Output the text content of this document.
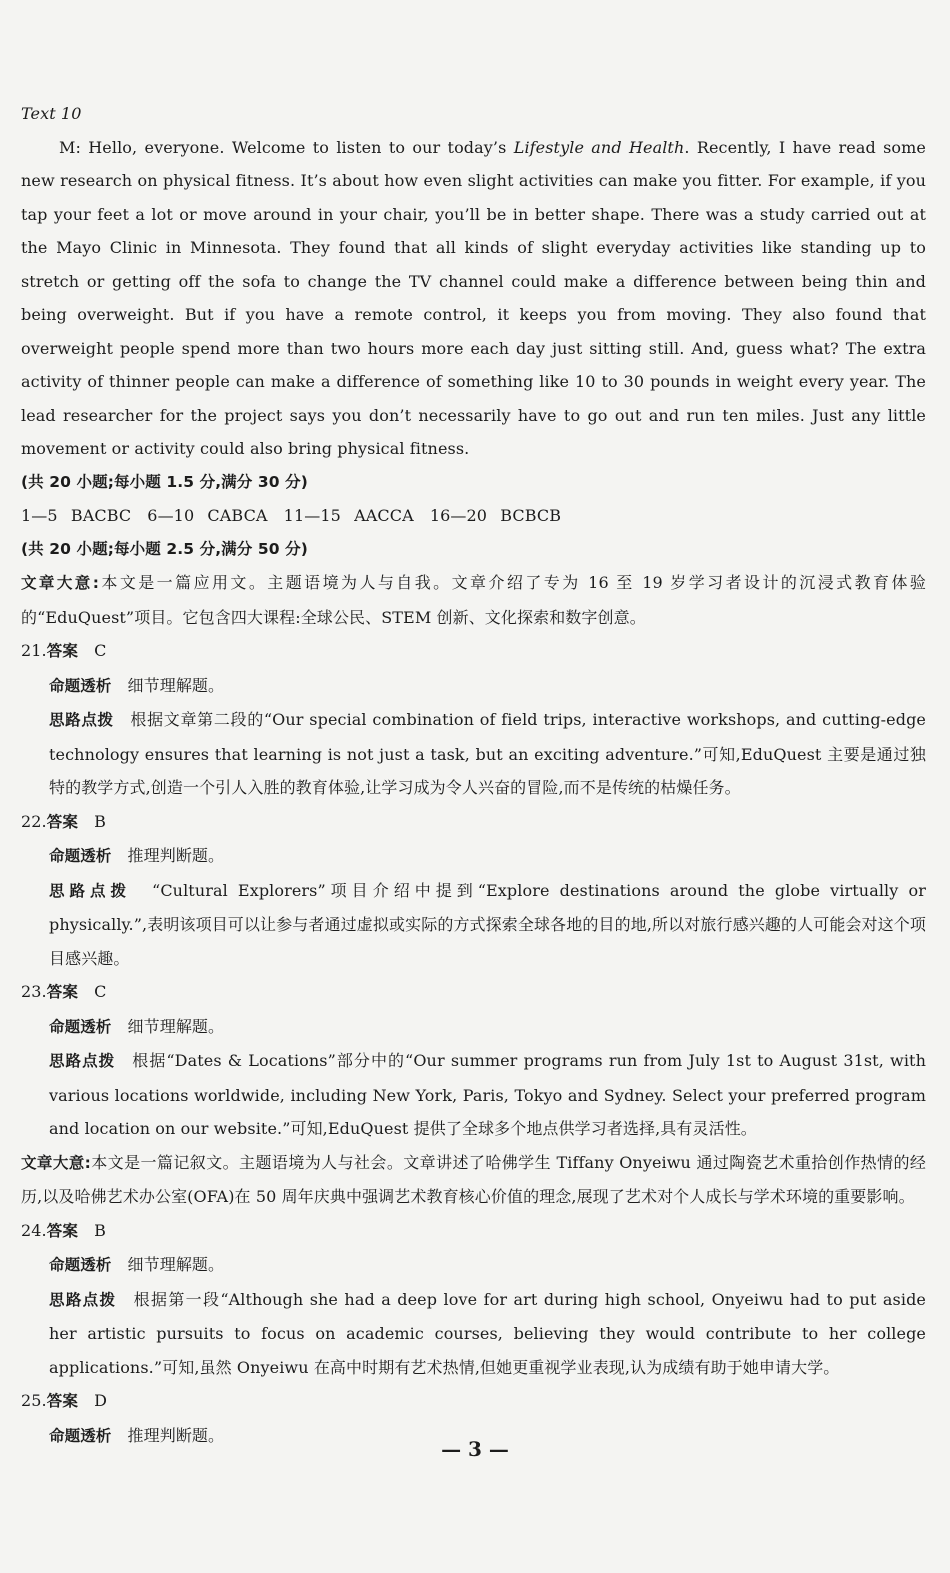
Text 10

M: Hello, everyone. Welcome to listen to our today’s Lifestyle and Health. Recently, I have read some new research on physical fitness. It’s about how even slight activities can make you fitter. For example, if you tap your feet a lot or move around in your chair, you’ll be in better shape. There was a study carried out at the Mayo Clinic in Minnesota. They found that all kinds of slight everyday activities like standing up to stretch or getting off the sofa to change the TV channel could make a difference between being thin and being overweight. But if you have a remote control, it keeps you from moving. They also found that overweight people spend more than two hours more each day just sitting still. And, guess what? The extra activity of thinner people can make a difference of something like 10 to 30 pounds in weight every year. The lead researcher for the project says you don’t necessarily have to go out and run ten miles. Just any little movement or activity could also bring physical fitness.

(共 20 小题;每小题 1.5 分,满分 30 分)

1—5 BACBC　6—10 CABCA　11—15 AACCA　16—20 BCBCB

(共 20 小题;每小题 2.5 分,满分 50 分)

文章大意:本文是一篇应用文。主题语境为人与自我。文章介绍了专为 16 至 19 岁学习者设计的沉浸式教育体验的“EduQuest”项目。它包含四大课程:全球公民、STEM 创新、文化探索和数字创意。

21.答案　 C

命题透析　 细节理解题。

思路点拨　 根据文章第二段的“Our special combination of field trips, interactive workshops, and cutting-edge technology ensures that learning is not just a task, but an exciting adventure.”可知,EduQuest 主要是通过独特的教学方式,创造一个引人入胜的教育体验,让学习成为令人兴奋的冒险,而不是传统的枯燥任务。

22.答案　 B

命题透析　 推理判断题。

思路点拨　 “Cultural Explorers”项目介绍中提到“Explore destinations around the globe virtually or physically.”,表明该项目可以让参与者通过虚拟或实际的方式探索全球各地的目的地,所以对旅行感兴趣的人可能会对这个项目感兴趣。

23.答案　 C

命题透析　 细节理解题。

思路点拨　 根据“Dates & Locations”部分中的“Our summer programs run from July 1st to August 31st, with various locations worldwide, including New York, Paris, Tokyo and Sydney. Select your preferred program and location on our website.”可知,EduQuest 提供了全球多个地点供学习者选择,具有灵活性。

文章大意:本文是一篇记叙文。主题语境为人与社会。文章讲述了哈佛学生 Tiffany Onyeiwu 通过陶瓷艺术重拾创作热情的经历,以及哈佛艺术办公室(OFA)在 50 周年庆典中强调艺术教育核心价值的理念,展现了艺术对个人成长与学术环境的重要影响。

24.答案　 B

命题透析　 细节理解题。

思路点拨　 根据第一段“Although she had a deep love for art during high school, Onyeiwu had to put aside her artistic pursuits to focus on academic courses, believing they would contribute to her college applications.”可知,虽然 Onyeiwu 在高中时期有艺术热情,但她更重视学业表现,认为成绩有助于她申请大学。

25.答案　 D

命题透析　 推理判断题。

— 3 —
